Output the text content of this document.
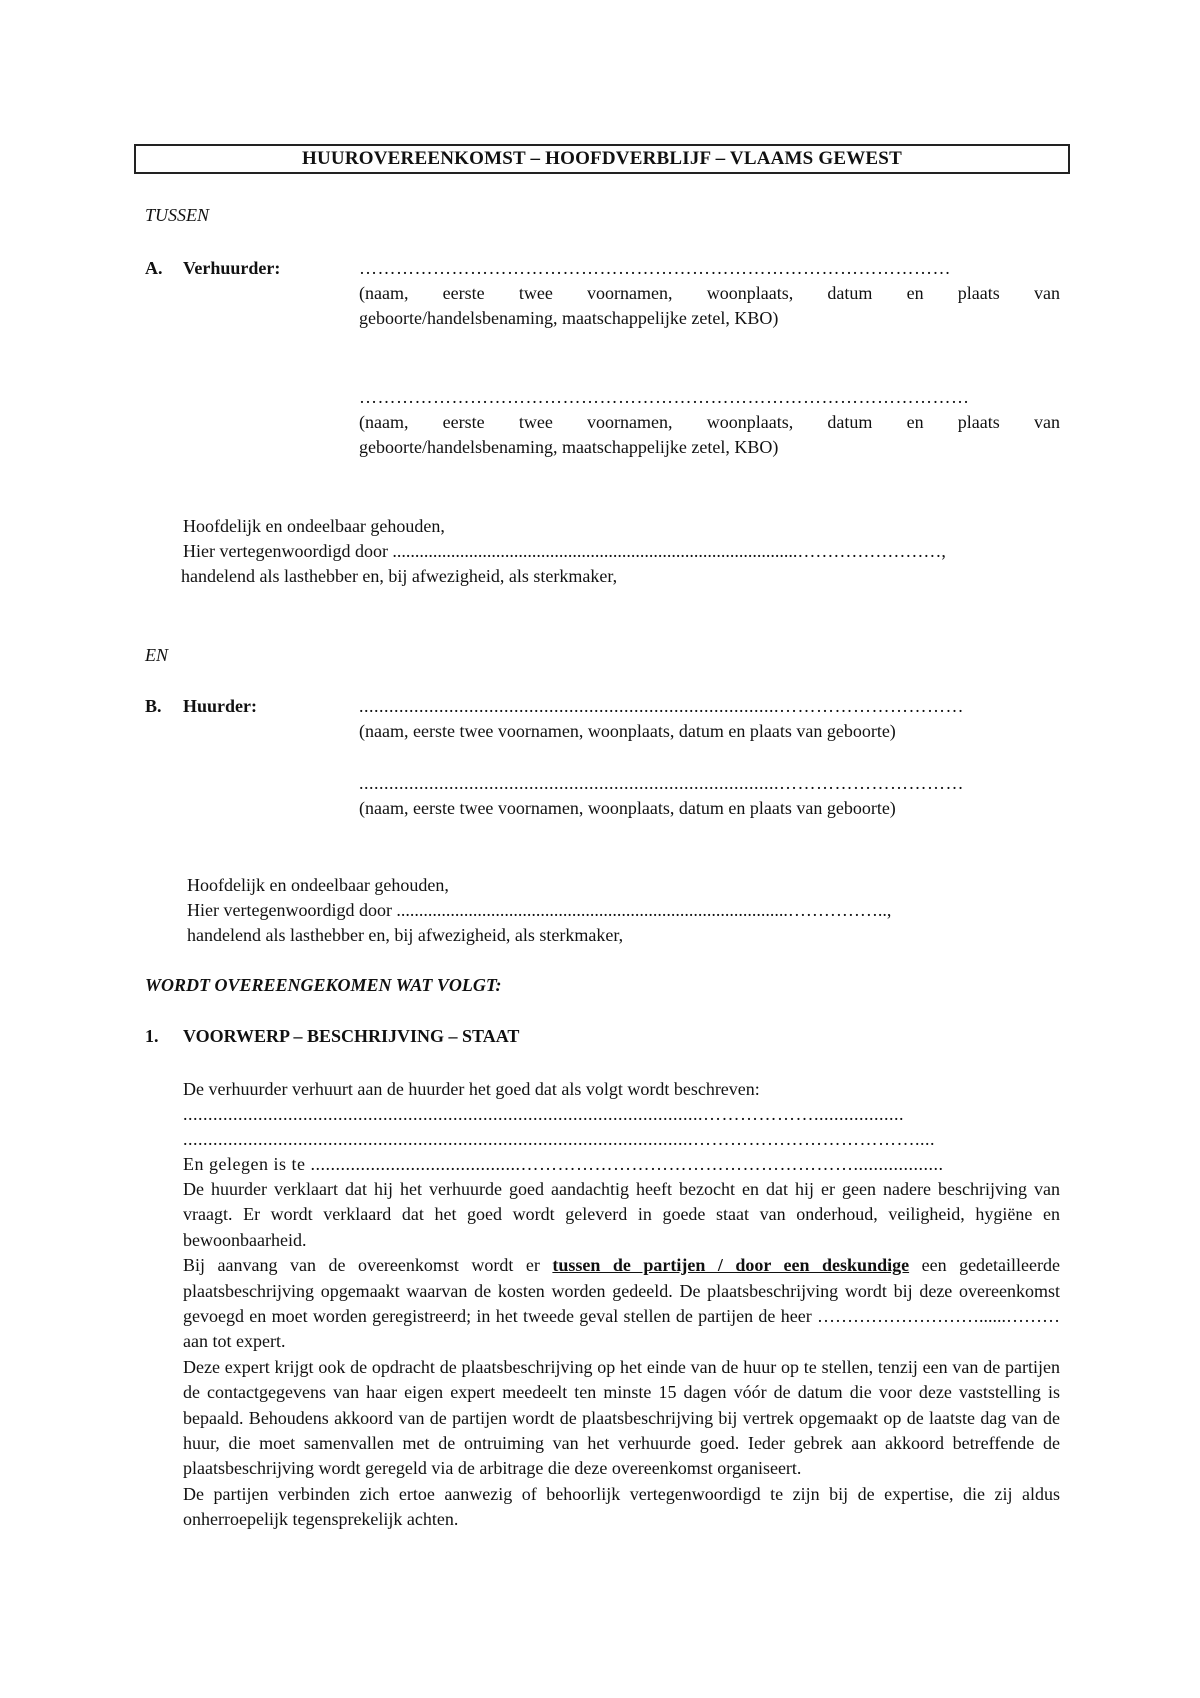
HUUROVEREENKOMST – HOOFDVERBLIJF – VLAAMS GEWEST
TUSSEN
A. Verhuurder:	……………………………………………………………………………………
(naam, eerste twee voornamen, woonplaats, datum en plaats van
geboorte/handelsbenaming, maatschappelijke zetel, KBO)
………………………………………………………………………………………
(naam, eerste twee voornamen, woonplaats, datum en plaats van
geboorte/handelsbenaming, maatschappelijke zetel, KBO)
Hoofdelijk en ondeelbaar gehouden,
Hier vertegenwoordigd door ..........................................................................................……………………,
handelend als lasthebber en, bij afwezigheid, als sterkmaker,
EN
B. Huurder:	....................................................................................…………………………
(naam, eerste twee voornamen, woonplaats, datum en plaats van geboorte)
....................................................................................…………………………
(naam, eerste twee voornamen, woonplaats, datum en plaats van geboorte)
Hoofdelijk en ondeelbaar gehouden,
Hier vertegenwoordigd door .......................................................................................……………..,
handelend als lasthebber en, bij afwezigheid, als sterkmaker,
WORDT OVEREENGEKOMEN WAT VOLGT:
1. VOORWERP – BESCHRIJVING – STAAT
De verhuurder verhuurt aan de huurder het goed dat als volgt wordt beschreven:
........................................................................................................………………..................
......................................................................................................………………………………....
En gelegen is te ..........................................………………………………………………..................
De huurder verklaart dat hij het verhuurde goed aandachtig heeft bezocht en dat hij er geen nadere beschrijving van vraagt. Er wordt verklaard dat het goed wordt geleverd in goede staat van onderhoud, veiligheid, hygiëne en bewoonbaarheid.
Bij aanvang van de overeenkomst wordt er tussen de partijen / door een deskundige een gedetailleerde plaatsbeschrijving opgemaakt waarvan de kosten worden gedeeld. De plaatsbeschrijving wordt bij deze overeenkomst gevoegd en moet worden geregistreerd; in het tweede geval stellen de partijen de heer ………………………......……… aan tot expert.
Deze expert krijgt ook de opdracht de plaatsbeschrijving op het einde van de huur op te stellen, tenzij een van de partijen de contactgegevens van haar eigen expert meedeelt ten minste 15 dagen vóór de datum die voor deze vaststelling is bepaald. Behoudens akkoord van de partijen wordt de plaatsbeschrijving bij vertrek opgemaakt op de laatste dag van de huur, die moet samenvallen met de ontruiming van het verhuurde goed. Ieder gebrek aan akkoord betreffende de plaatsbeschrijving wordt geregeld via de arbitrage die deze overeenkomst organiseert.
De partijen verbinden zich ertoe aanwezig of behoorlijk vertegenwoordigd te zijn bij de expertise, die zij aldus onherroepelijk tegensprekelijk achten.
